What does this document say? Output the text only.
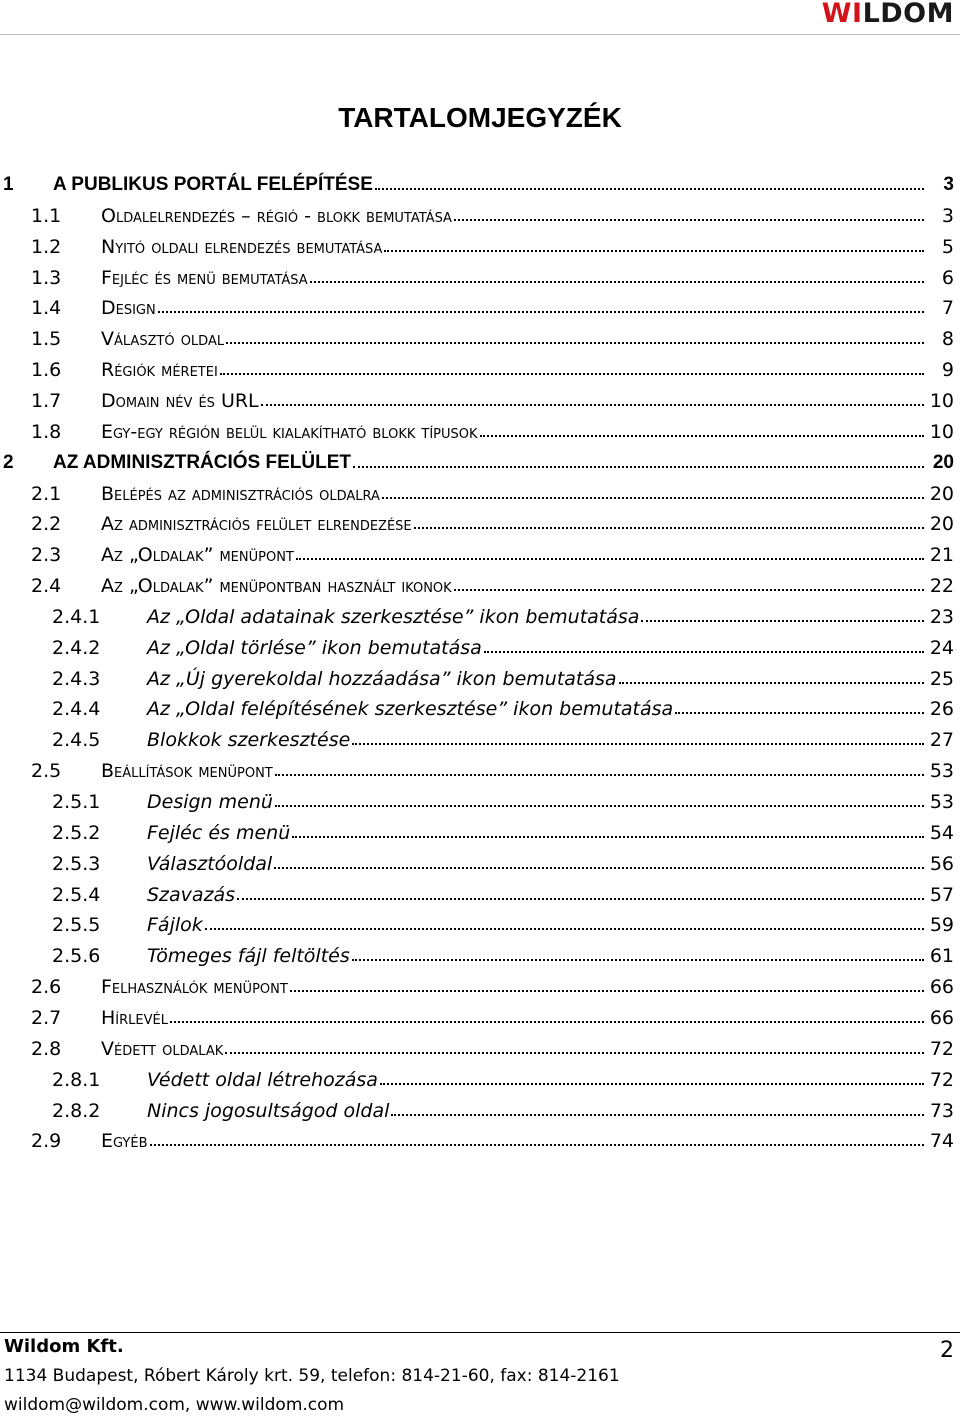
WILDOM
TARTALOMJEGYZÉK
1	A PUBLIKUS PORTÁL FELÉPÍTÉSE	3
1.1	Oldalelrendezés – régió - blokk bemutatása	3
1.2	Nyitó oldali elrendezés bemutatása	5
1.3	Fejléc és menü bemutatása	6
1.4	Design	7
1.5	Választó oldal	8
1.6	Régiók méretei	9
1.7	Domain név és URL	10
1.8	Egy-egy régión belül kialakítható blokk típusok	10
2	AZ ADMINISZTRÁCIÓS FELÜLET	20
2.1	Belépés az adminisztrációs oldalra	20
2.2	Az adminisztrációs felület elrendezése	20
2.3	Az „Oldalak” menüpont	21
2.4	Az „Oldalak” menüpontban használt ikonok	22
2.4.1	Az „Oldal adatainak szerkesztése” ikon bemutatása	23
2.4.2	Az „Oldal törlése” ikon bemutatása	24
2.4.3	Az „Új gyerekoldal hozzáadása” ikon bemutatása	25
2.4.4	Az „Oldal felépítésének szerkesztése” ikon bemutatása	26
2.4.5	Blokkok szerkesztése	27
2.5	Beállítások menüpont	53
2.5.1	Design menü	53
2.5.2	Fejléc és menü	54
2.5.3	Választóoldal	56
2.5.4	Szavazás	57
2.5.5	Fájlok	59
2.5.6	Tömeges fájl feltöltés	61
2.6	Felhasználók menüpont	66
2.7	Hírlevél	66
2.8	Védett oldalak	72
2.8.1	Védett oldal létrehozása	72
2.8.2	Nincs jogosultságod oldal	73
2.9	Egyéb	74
Wildom Kft.
1134 Budapest, Róbert Károly krt. 59, telefon: 814-21-60, fax: 814-2161
wildom@wildom.com, www.wildom.com
2
